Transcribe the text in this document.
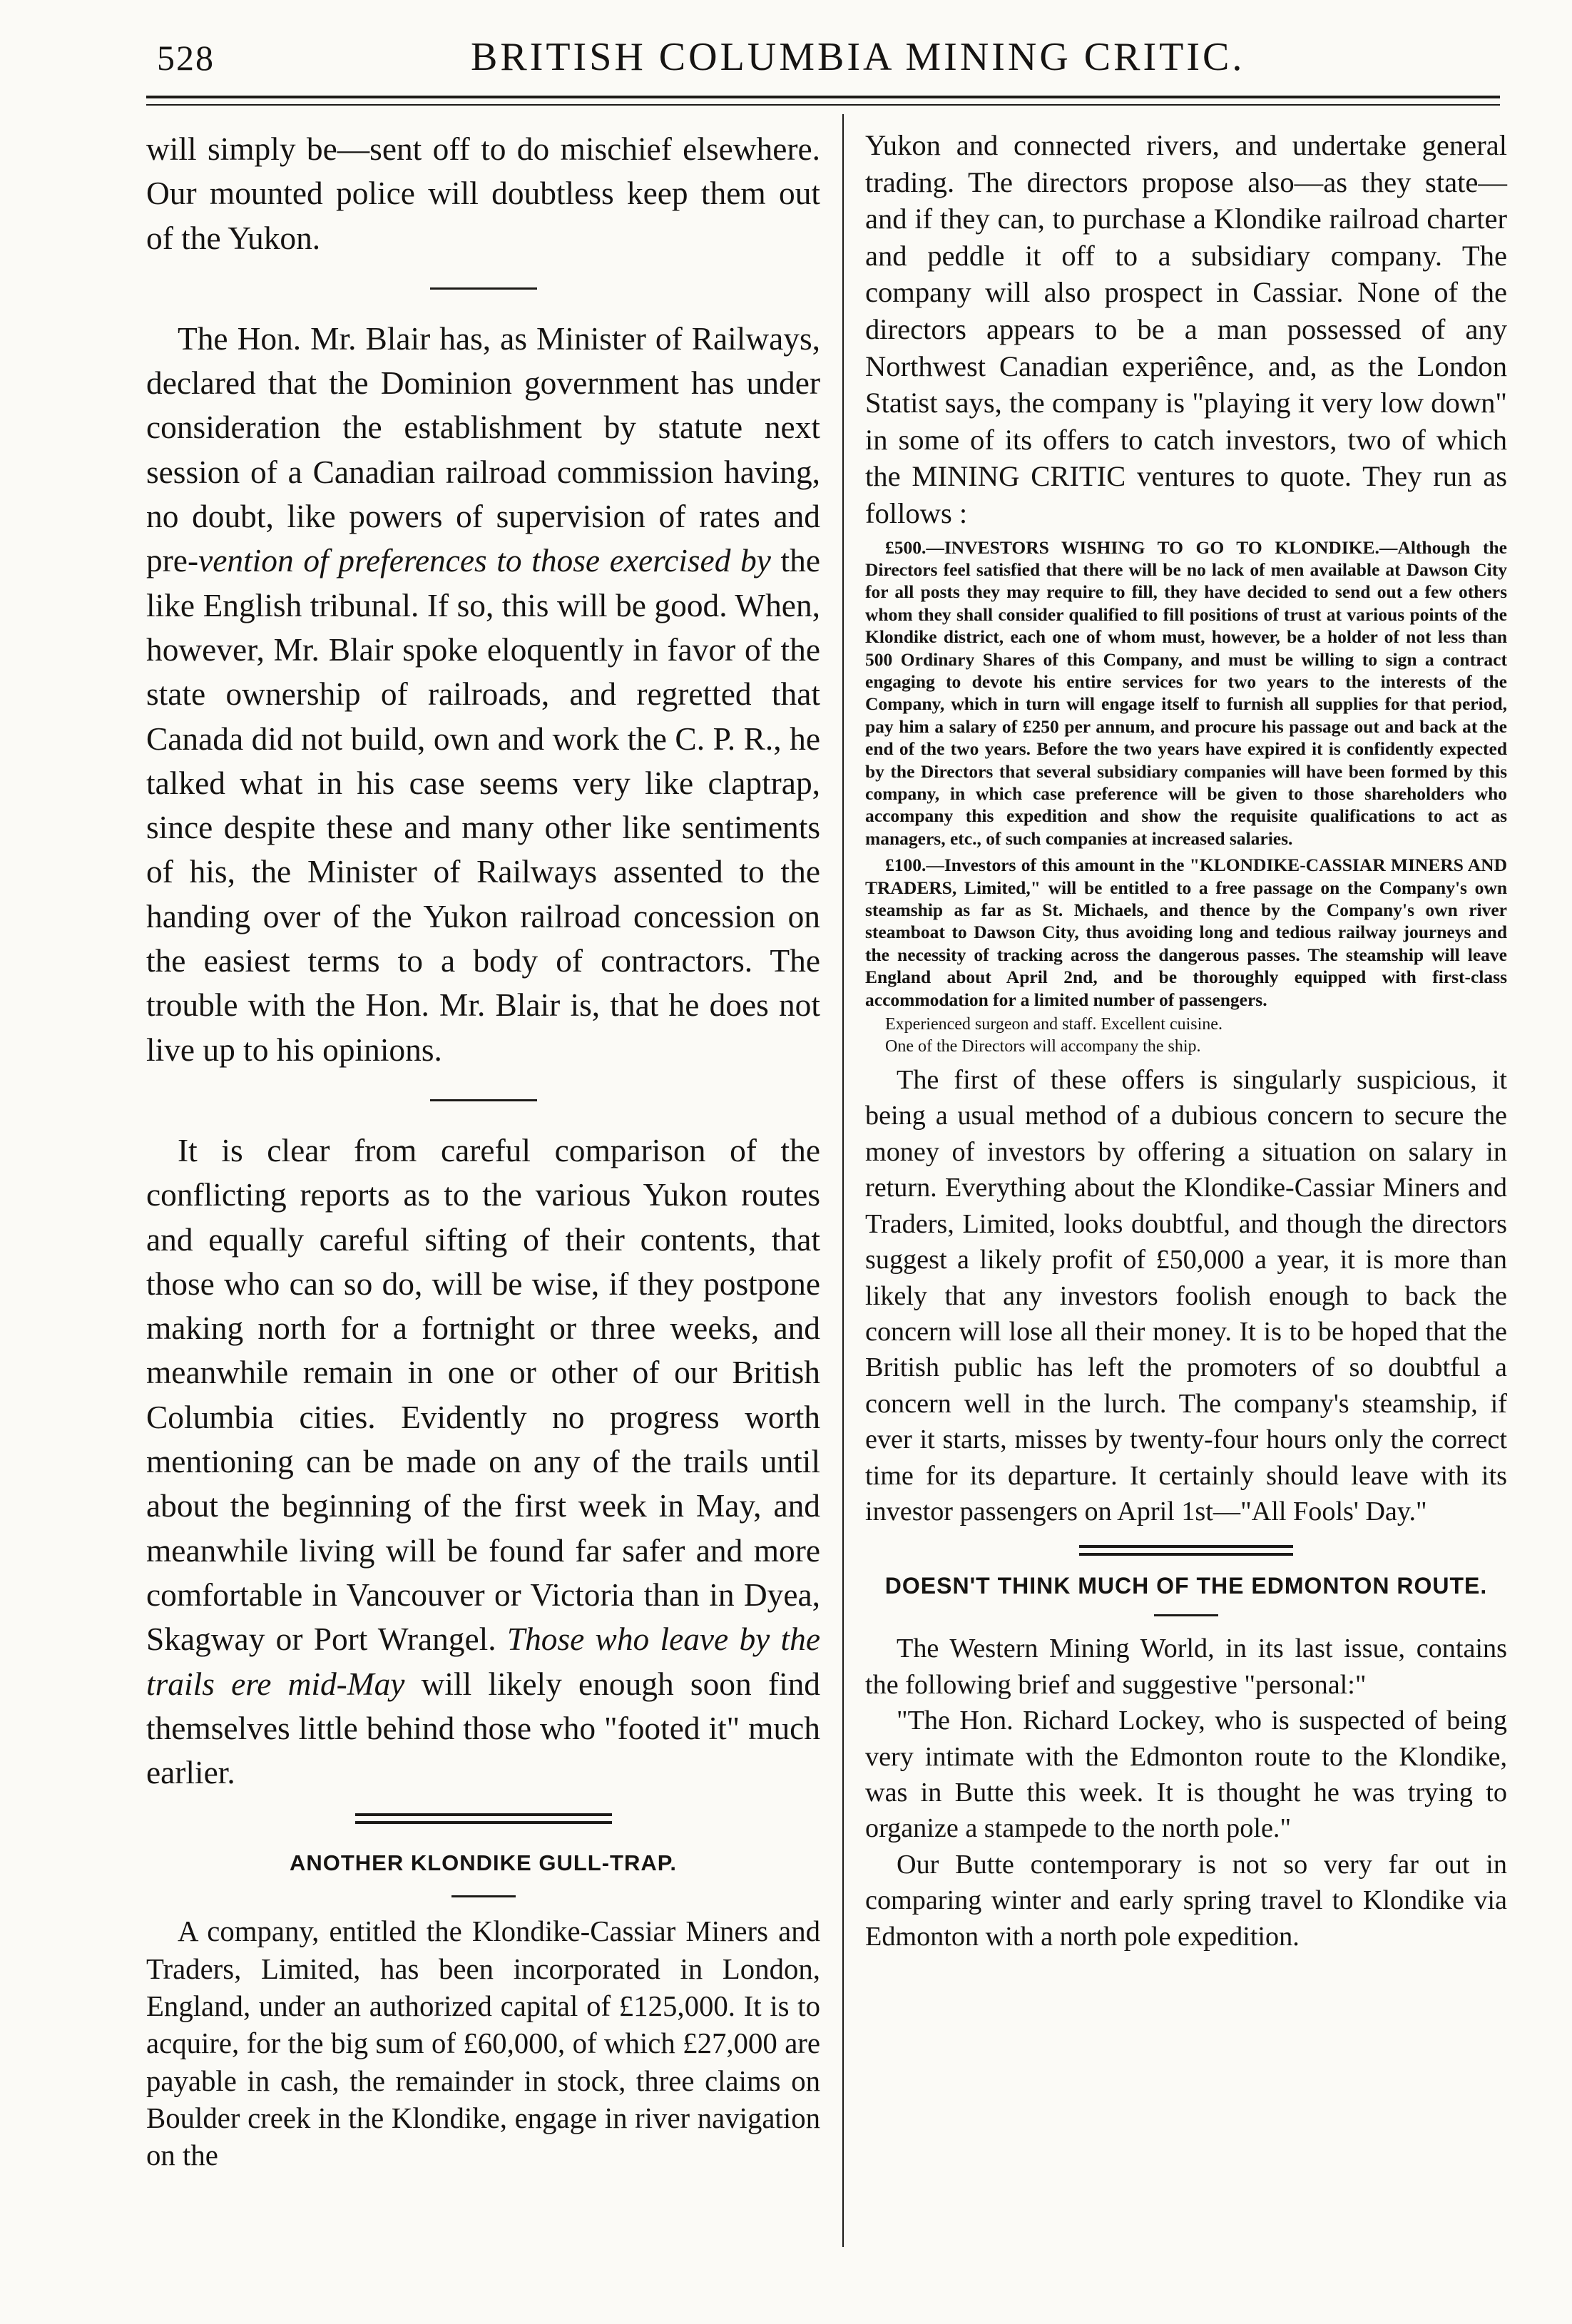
528	BRITISH COLUMBIA MINING CRITIC.

will simply be—sent off to do mischief elsewhere. Our mounted police will doubtless keep them out of the Yukon.

The Hon. Mr. Blair has, as Minister of Railways, declared that the Dominion government has under consideration the establishment by statute next session of a Canadian railroad commission having, no doubt, like powers of supervision of rates and pre-vention of preferences to those exercised by the like English tribunal. If so, this will be good. When, however, Mr. Blair spoke eloquently in favor of the state ownership of railroads, and regretted that Canada did not build, own and work the C. P. R., he talked what in his case seems very like claptrap, since despite these and many other like sentiments of his, the Minister of Railways assented to the handing over of the Yukon railroad concession on the easiest terms to a body of contractors. The trouble with the Hon. Mr. Blair is, that he does not live up to his opinions.

It is clear from careful comparison of the conflicting reports as to the various Yukon routes and equally careful sifting of their contents, that those who can so do, will be wise, if they postpone making north for a fortnight or three weeks, and meanwhile remain in one or other of our British Columbia cities. Evidently no progress worth mentioning can be made on any of the trails until about the beginning of the first week in May, and meanwhile living will be found far safer and more comfortable in Vancouver or Victoria than in Dyea, Skagway or Port Wrangel. Those who leave by the trails ere mid-May will likely enough soon find themselves little behind those who "footed it" much earlier.

ANOTHER KLONDIKE GULL-TRAP.

A company, entitled the Klondike-Cassiar Miners and Traders, Limited, has been incorporated in London, England, under an authorized capital of £125,000. It is to acquire, for the big sum of £60,000, of which £27,000 are payable in cash, the remainder in stock, three claims on Boulder creek in the Klondike, engage in river navigation on the

Yukon and connected rivers, and undertake general trading. The directors propose also—as they state—and if they can, to purchase a Klondike railroad charter and peddle it off to a subsidiary company. The company will also prospect in Cassiar. None of the directors appears to be a man possessed of any Northwest Canadian experiênce, and, as the London Statist says, the company is "playing it very low down" in some of its offers to catch investors, two of which the MINING CRITIC ventures to quote. They run as follows :

£500.—INVESTORS WISHING TO GO TO KLONDIKE.—Although the Directors feel satisfied that there will be no lack of men available at Dawson City for all posts they may require to fill, they have decided to send out a few others whom they shall consider qualified to fill positions of trust at various points of the Klondike district, each one of whom must, however, be a holder of not less than 500 Ordinary Shares of this Company, and must be willing to sign a contract engaging to devote his entire services for two years to the interests of the Company, which in turn will engage itself to furnish all supplies for that period, pay him a salary of £250 per annum, and procure his passage out and back at the end of the two years. Before the two years have expired it is confidently expected by the Directors that several subsidiary companies will have been formed by this company, in which case preference will be given to those shareholders who accompany this expedition and show the requisite qualifications to act as managers, etc., of such companies at increased salaries.

£100.—Investors of this amount in the "KLONDIKE-CASSIAR MINERS AND TRADERS, Limited," will be entitled to a free passage on the Company's own steamship as far as St. Michaels, and thence by the Company's own river steamboat to Dawson City, thus avoiding long and tedious railway journeys and the necessity of tracking across the dangerous passes. The steamship will leave England about April 2nd, and be thoroughly equipped with first-class accommodation for a limited number of passengers.

Experienced surgeon and staff. Excellent cuisine.
One of the Directors will accompany the ship.

The first of these offers is singularly suspicious, it being a usual method of a dubious concern to secure the money of investors by offering a situation on salary in return. Everything about the Klondike-Cassiar Miners and Traders, Limited, looks doubtful, and though the directors suggest a likely profit of £50,000 a year, it is more than likely that any investors foolish enough to back the concern will lose all their money. It is to be hoped that the British public has left the promoters of so doubtful a concern well in the lurch. The company's steamship, if ever it starts, misses by twenty-four hours only the correct time for its departure. It certainly should leave with its investor passengers on April 1st—"All Fools' Day."

DOESN'T THINK MUCH OF THE EDMONTON ROUTE.

The Western Mining World, in its last issue, contains the following brief and suggestive "personal:"

"The Hon. Richard Lockey, who is suspected of being very intimate with the Edmonton route to the Klondike, was in Butte this week. It is thought he was trying to organize a stampede to the north pole."

Our Butte contemporary is not so very far out in comparing winter and early spring travel to Klondike via Edmonton with a north pole expedition.
